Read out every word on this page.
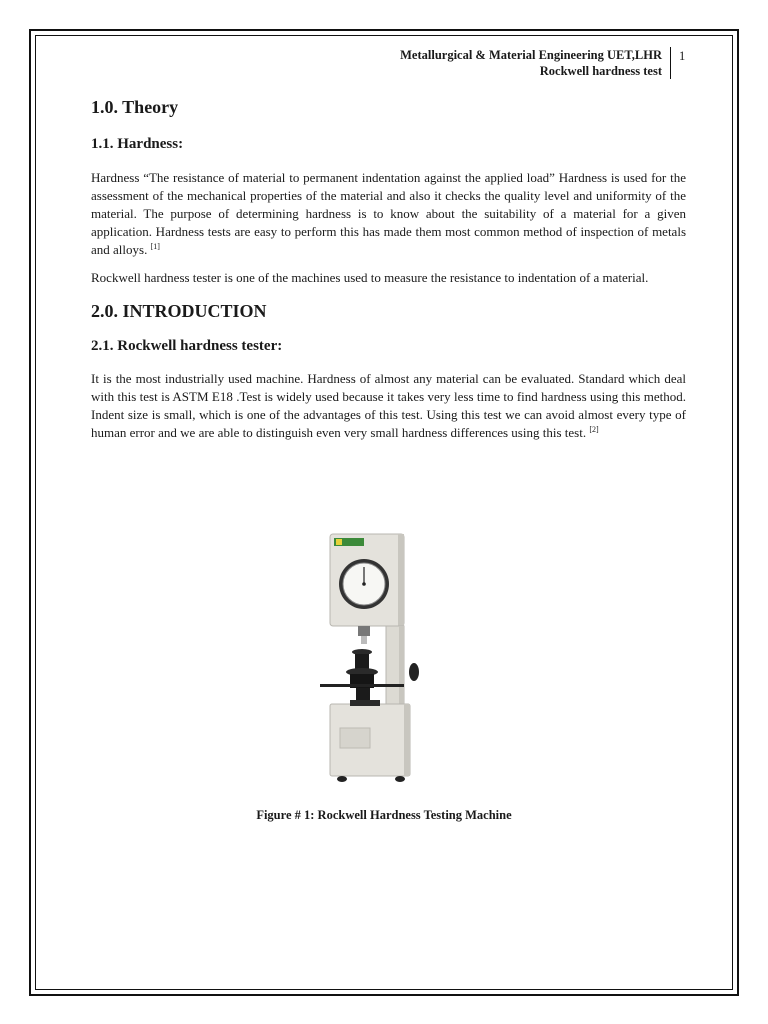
Metallurgical & Material Engineering UET,LHR
Rockwell hardness test
1
1.0. Theory
1.1. Hardness:

Hardness “The resistance of material to permanent indentation against the applied load” Hardness is used for the assessment of the mechanical properties of the material and also it checks the quality level and uniformity of the material. The purpose of determining hardness is to know about the suitability of a material for a given application. Hardness tests are easy to perform this has made them most common method of inspection of metals and alloys. [1]

Rockwell hardness tester is one of the machines used to measure the resistance to indentation of a material.

2.0. INTRODUCTION
2.1. Rockwell hardness tester:

It is the most industrially used machine. Hardness of almost any material can be evaluated. Standard which deal with this test is ASTM E18 .Test is widely used because it takes very less time to find hardness using this method. Indent size is small, which is one of the advantages of this test. Using this test we can avoid almost every type of human error and we are able to distinguish even very small hardness differences using this test. [2]

Figure # 1: Rockwell Hardness Testing Machine
